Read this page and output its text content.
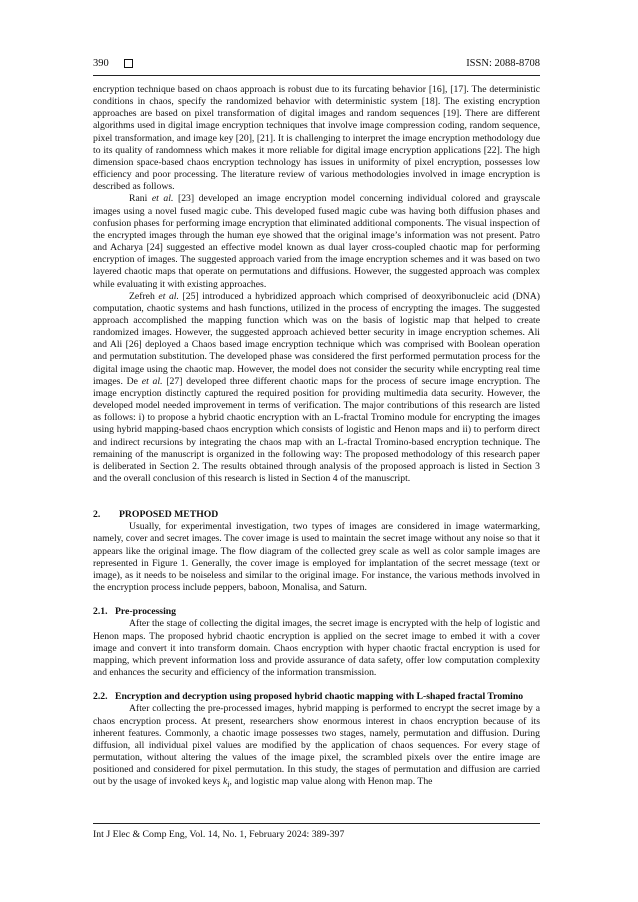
390	ISSN: 2088-8708

encryption technique based on chaos approach is robust due to its furcating behavior [16], [17]. The deterministic conditions in chaos, specify the randomized behavior with deterministic system [18]. The existing encryption approaches are based on pixel transformation of digital images and random sequences [19]. There are different algorithms used in digital image encryption techniques that involve image compression coding, random sequence, pixel transformation, and image key [20], [21]. It is challenging to interpret the image encryption methodology due to its quality of randomness which makes it more reliable for digital image encryption applications [22]. The high dimension space-based chaos encryption technology has issues in uniformity of pixel encryption, possesses low efficiency and poor processing. The literature review of various methodologies involved in image encryption is described as follows.

Rani et al. [23] developed an image encryption model concerning individual colored and grayscale images using a novel fused magic cube. This developed fused magic cube was having both diffusion phases and confusion phases for performing image encryption that eliminated additional components. The visual inspection of the encrypted images through the human eye showed that the original image’s information was not present. Patro and Acharya [24] suggested an effective model known as dual layer cross-coupled chaotic map for performing encryption of images. The suggested approach varied from the image encryption schemes and it was based on two layered chaotic maps that operate on permutations and diffusions. However, the suggested approach was complex while evaluating it with existing approaches.

Zefreh et al. [25] introduced a hybridized approach which comprised of deoxyribonucleic acid (DNA) computation, chaotic systems and hash functions, utilized in the process of encrypting the images. The suggested approach accomplished the mapping function which was on the basis of logistic map that helped to create randomized images. However, the suggested approach achieved better security in image encryption schemes. Ali and Ali [26] deployed a Chaos based image encryption technique which was comprised with Boolean operation and permutation substitution. The developed phase was considered the first performed permutation process for the digital image using the chaotic map. However, the model does not consider the security while encrypting real time images. De et al. [27] developed three different chaotic maps for the process of secure image encryption. The image encryption distinctly captured the required position for providing multimedia data security. However, the developed model needed improvement in terms of verification. The major contributions of this research are listed as follows: i) to propose a hybrid chaotic encryption with an L-fractal Tromino module for encrypting the images using hybrid mapping-based chaos encryption which consists of logistic and Henon maps and ii) to perform direct and indirect recursions by integrating the chaos map with an L-fractal Tromino-based encryption technique. The remaining of the manuscript is organized in the following way: The proposed methodology of this research paper is deliberated in Section 2. The results obtained through analysis of the proposed approach is listed in Section 3 and the overall conclusion of this research is listed in Section 4 of the manuscript.

2. PROPOSED METHOD

Usually, for experimental investigation, two types of images are considered in image watermarking, namely, cover and secret images. The cover image is used to maintain the secret image without any noise so that it appears like the original image. The flow diagram of the collected grey scale as well as color sample images are represented in Figure 1. Generally, the cover image is employed for implantation of the secret message (text or image), as it needs to be noiseless and similar to the original image. For instance, the various methods involved in the encryption process include peppers, baboon, Monalisa, and Saturn.

2.1. Pre-processing

After the stage of collecting the digital images, the secret image is encrypted with the help of logistic and Henon maps. The proposed hybrid chaotic encryption is applied on the secret image to embed it with a cover image and convert it into transform domain. Chaos encryption with hyper chaotic fractal encryption is used for mapping, which prevent information loss and provide assurance of data safety, offer low computation complexity and enhances the security and efficiency of the information transmission.

2.2. Encryption and decryption using proposed hybrid chaotic mapping with L-shaped fractal Tromino

After collecting the pre-processed images, hybrid mapping is performed to encrypt the secret image by a chaos encryption process. At present, researchers show enormous interest in chaos encryption because of its inherent features. Commonly, a chaotic image possesses two stages, namely, permutation and diffusion. During diffusion, all individual pixel values are modified by the application of chaos sequences. For every stage of permutation, without altering the values of the image pixel, the scrambled pixels over the entire image are positioned and considered for pixel permutation. In this study, the stages of permutation and diffusion are carried out by the usage of invoked keys $k_i$, and logistic map value along with Henon map. The

Int J Elec & Comp Eng, Vol. 14, No. 1, February 2024: 389-397
